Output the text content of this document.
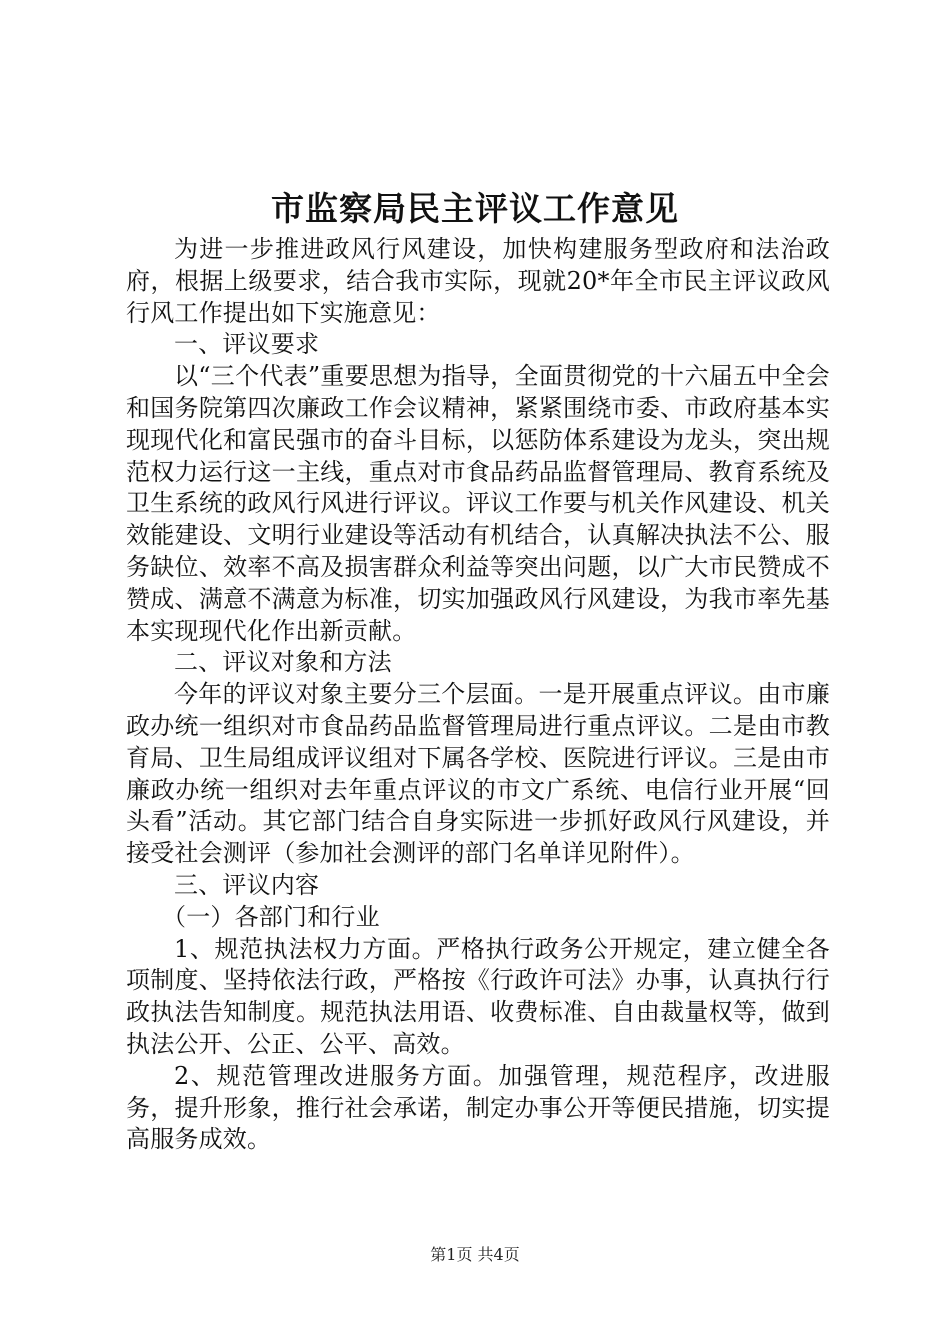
市监察局民主评议工作意见

为进一步推进政风行风建设，加快构建服务型政府和法治政府，根据上级要求，结合我市实际，现就20*年全市民主评议政风行风工作提出如下实施意见：

一、评议要求

以“三个代表”重要思想为指导，全面贯彻党的十六届五中全会和国务院第四次廉政工作会议精神，紧紧围绕市委、市政府基本实现现代化和富民强市的奋斗目标，以惩防体系建设为龙头，突出规范权力运行这一主线，重点对市食品药品监督管理局、教育系统及卫生系统的政风行风进行评议。评议工作要与机关作风建设、机关效能建设、文明行业建设等活动有机结合，认真解决执法不公、服务缺位、效率不高及损害群众利益等突出问题，以广大市民赞成不赞成、满意不满意为标准，切实加强政风行风建设，为我市率先基本实现现代化作出新贡献。

二、评议对象和方法

今年的评议对象主要分三个层面。一是开展重点评议。由市廉政办统一组织对市食品药品监督管理局进行重点评议。二是由市教育局、卫生局组成评议组对下属各学校、医院进行评议。三是由市廉政办统一组织对去年重点评议的市文广系统、电信行业开展“回头看”活动。其它部门结合自身实际进一步抓好政风行风建设，并接受社会测评（参加社会测评的部门名单详见附件）。

三、评议内容

（一）各部门和行业

1、规范执法权力方面。严格执行政务公开规定，建立健全各项制度、坚持依法行政，严格按《行政许可法》办事，认真执行行政执法告知制度。规范执法用语、收费标准、自由裁量权等，做到执法公开、公正、公平、高效。

2、规范管理改进服务方面。加强管理，规范程序，改进服务，提升形象，推行社会承诺，制定办事公开等便民措施，切实提高服务成效。

第1页 共4页
